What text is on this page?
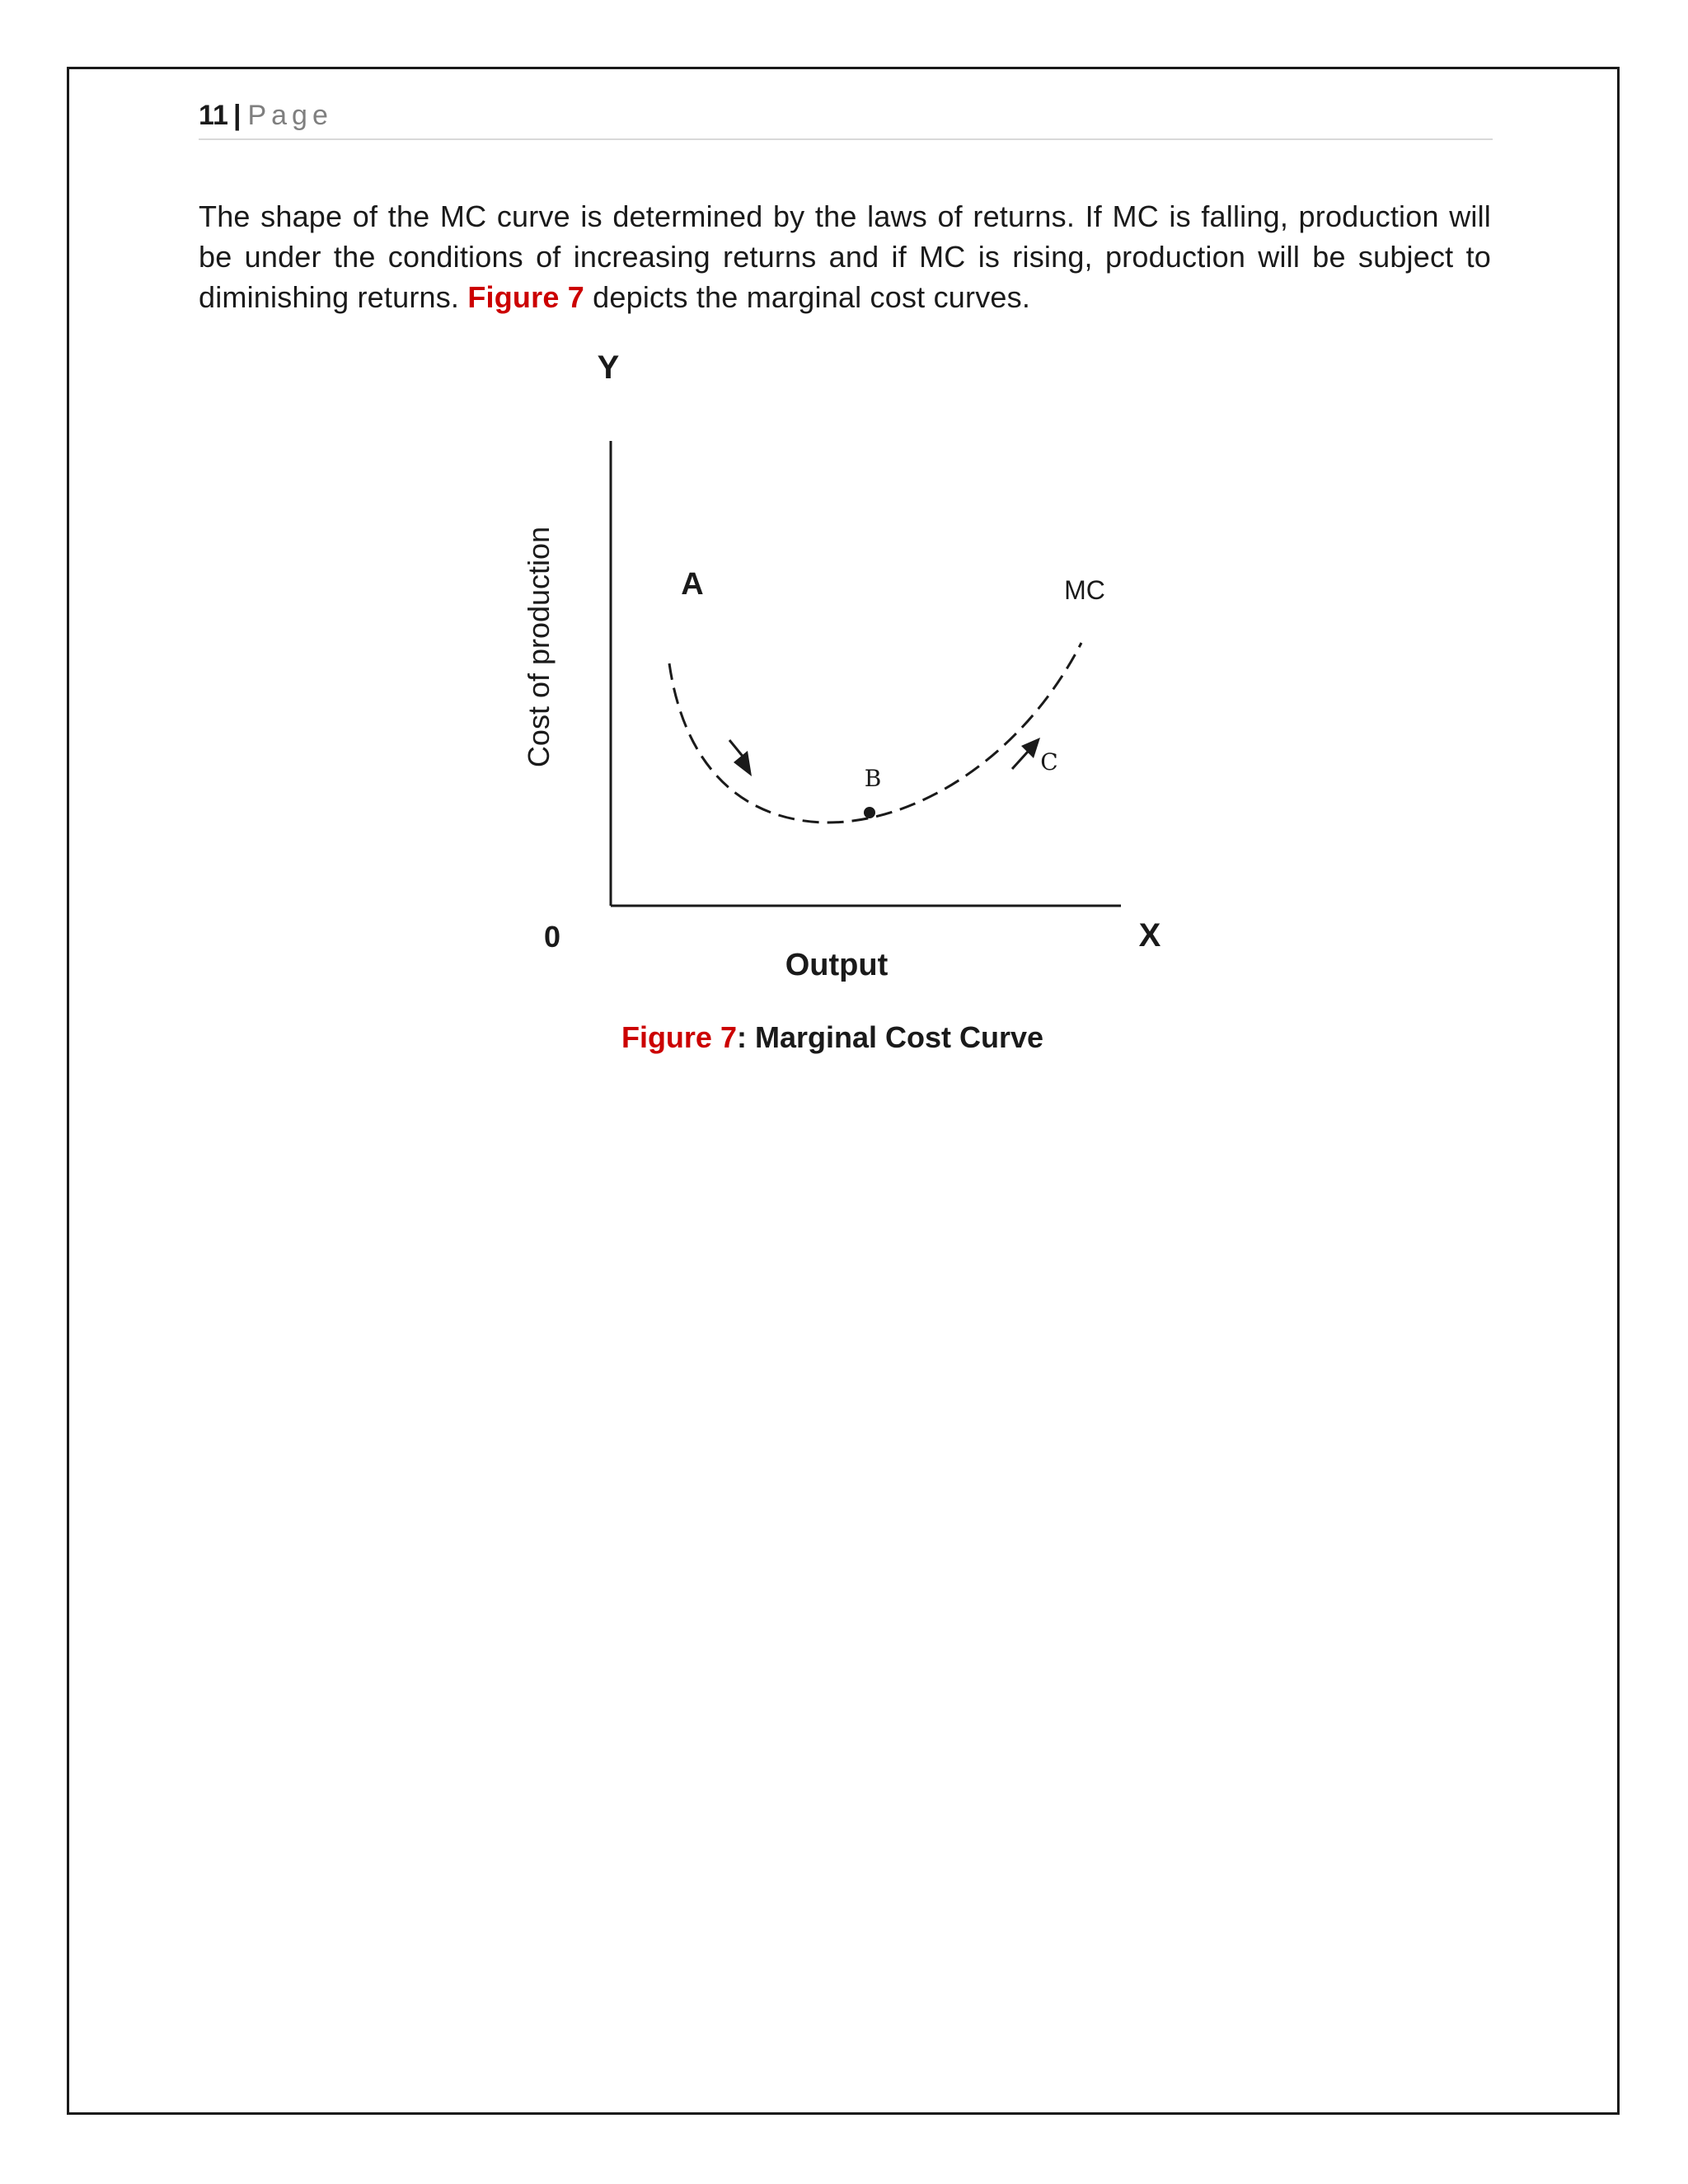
11 | Page

The shape of the MC curve is determined by the laws of returns. If MC is falling, production will be under the conditions of increasing returns and if MC is rising, production will be subject to diminishing returns. Figure 7 depicts the marginal cost curves.

Y
X
0
Cost of production
Output
A
B
C
MC
Figure 7: Marginal Cost Curve
